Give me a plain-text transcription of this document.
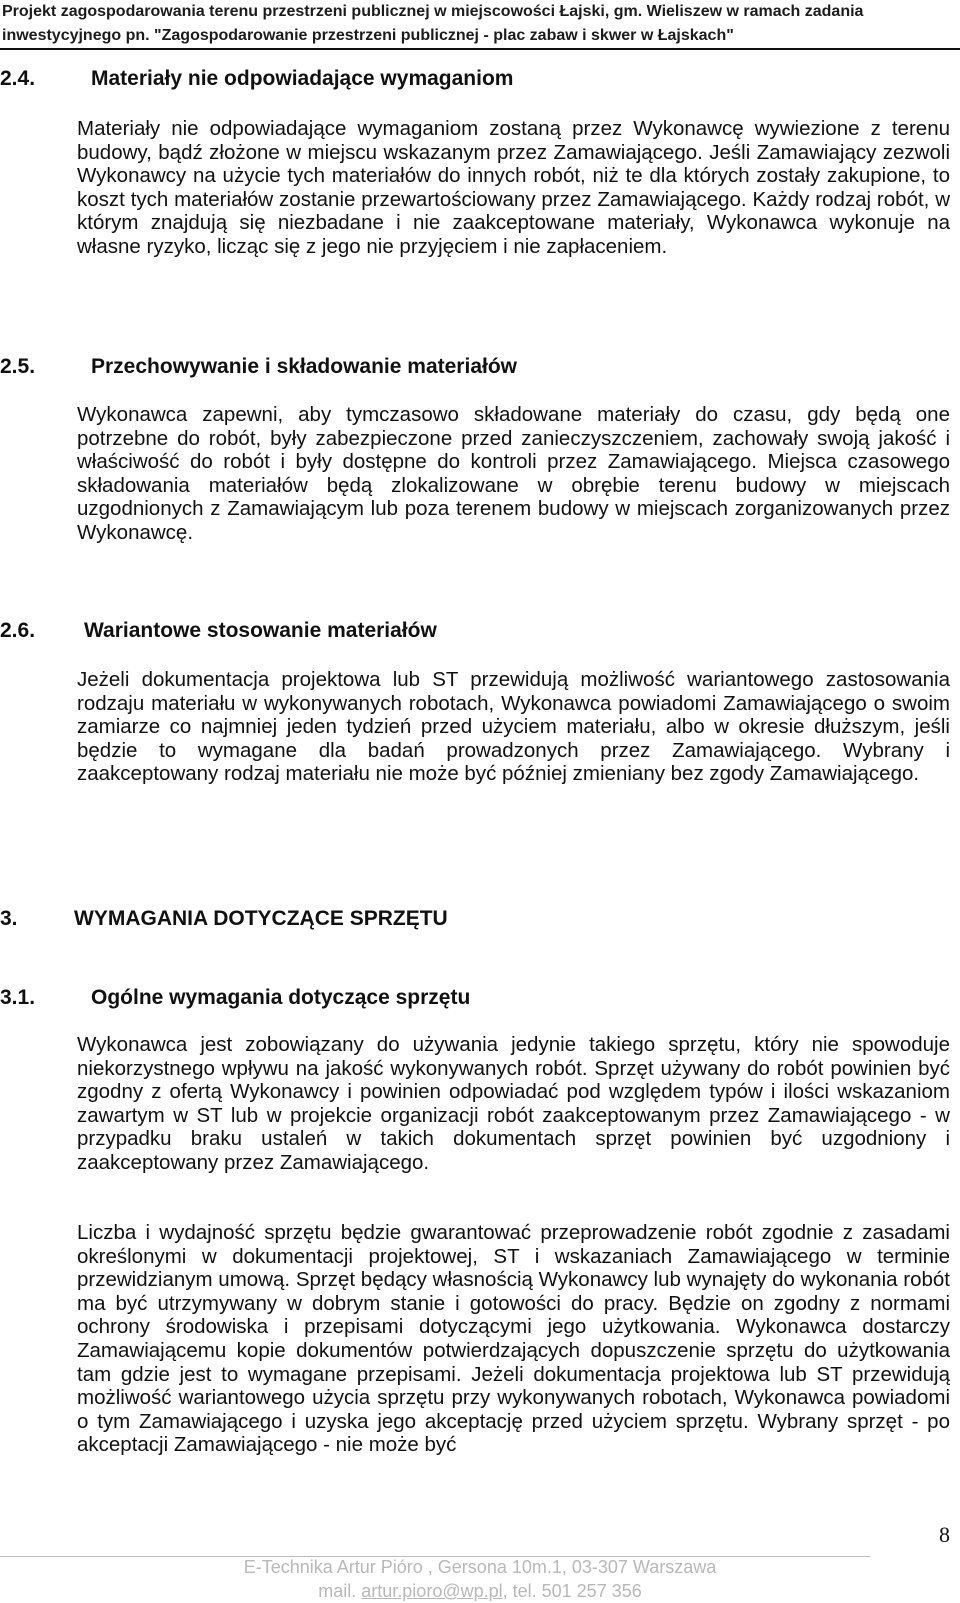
Projekt zagospodarowania terenu przestrzeni publicznej w miejscowości Łajski, gm. Wieliszew w ramach zadania
inwestycyjnego pn. "Zagospodarowanie przestrzeni publicznej - plac zabaw i skwer w Łajskach"
2.4.	Materiały nie odpowiadające wymaganiom
Materiały nie odpowiadające wymaganiom zostaną przez Wykonawcę wywiezione z terenu budowy, bądź złożone w miejscu wskazanym przez Zamawiającego. Jeśli Zamawiający zezwoli Wykonawcy na użycie tych materiałów do innych robót, niż te dla których zostały zakupione, to koszt tych materiałów zostanie przewartościowany przez Zamawiającego. Każdy rodzaj robót, w którym znajdują się niezbadane i nie zaakceptowane materiały, Wykonawca wykonuje na własne ryzyko, licząc się z jego nie przyjęciem i nie zapłaceniem.
2.5.	Przechowywanie i składowanie materiałów
Wykonawca zapewni, aby tymczasowo składowane materiały do czasu, gdy będą one potrzebne do robót, były zabezpieczone przed zanieczyszczeniem, zachowały swoją jakość i właściwość do robót i były dostępne do kontroli przez Zamawiającego. Miejsca czasowego składowania materiałów będą zlokalizowane w obrębie terenu budowy w miejscach uzgodnionych z Zamawiającym lub poza terenem budowy w miejscach zorganizowanych przez Wykonawcę.
2.6. Wariantowe stosowanie materiałów
Jeżeli dokumentacja projektowa lub ST przewidują możliwość wariantowego zastosowania rodzaju materiału w wykonywanych robotach, Wykonawca powiadomi Zamawiającego o swoim zamiarze co najmniej jeden tydzień przed użyciem materiału, albo w okresie dłuższym, jeśli będzie to wymagane dla badań prowadzonych przez Zamawiającego. Wybrany i zaakceptowany rodzaj materiału nie może być później zmieniany bez zgody Zamawiającego.
3.	WYMAGANIA DOTYCZĄCE SPRZĘTU
3.1.	Ogólne wymagania dotyczące sprzętu
Wykonawca jest zobowiązany do używania jedynie takiego sprzętu, który nie spowoduje niekorzystnego wpływu na jakość wykonywanych robót. Sprzęt używany do robót powinien być zgodny z ofertą Wykonawcy i powinien odpowiadać pod względem typów i ilości wskazaniom zawartym w ST lub w projekcie organizacji robót zaakceptowanym przez Zamawiającego - w przypadku braku ustaleń w takich dokumentach sprzęt powinien być uzgodniony i zaakceptowany przez Zamawiającego.
Liczba i wydajność sprzętu będzie gwarantować przeprowadzenie robót zgodnie z zasadami określonymi w dokumentacji projektowej, ST i wskazaniach Zamawiającego w terminie przewidzianym umową. Sprzęt będący własnością Wykonawcy lub wynajęty do wykonania robót ma być utrzymywany w dobrym stanie i gotowości do pracy. Będzie on zgodny z normami ochrony środowiska i przepisami dotyczącymi jego użytkowania. Wykonawca dostarczy Zamawiającemu kopie dokumentów potwierdzających dopuszczenie sprzętu do użytkowania tam gdzie jest to wymagane przepisami. Jeżeli dokumentacja projektowa lub ST przewidują możliwość wariantowego użycia sprzętu przy wykonywanych robotach, Wykonawca powiadomi o tym Zamawiającego i uzyska jego akceptację przed użyciem sprzętu. Wybrany sprzęt - po akceptacji Zamawiającego - nie może być
8
E-Technika Artur Pióro , Gersona 10m.1, 03-307 Warszawa
mail. artur.pioro@wp.pl, tel. 501 257 356
